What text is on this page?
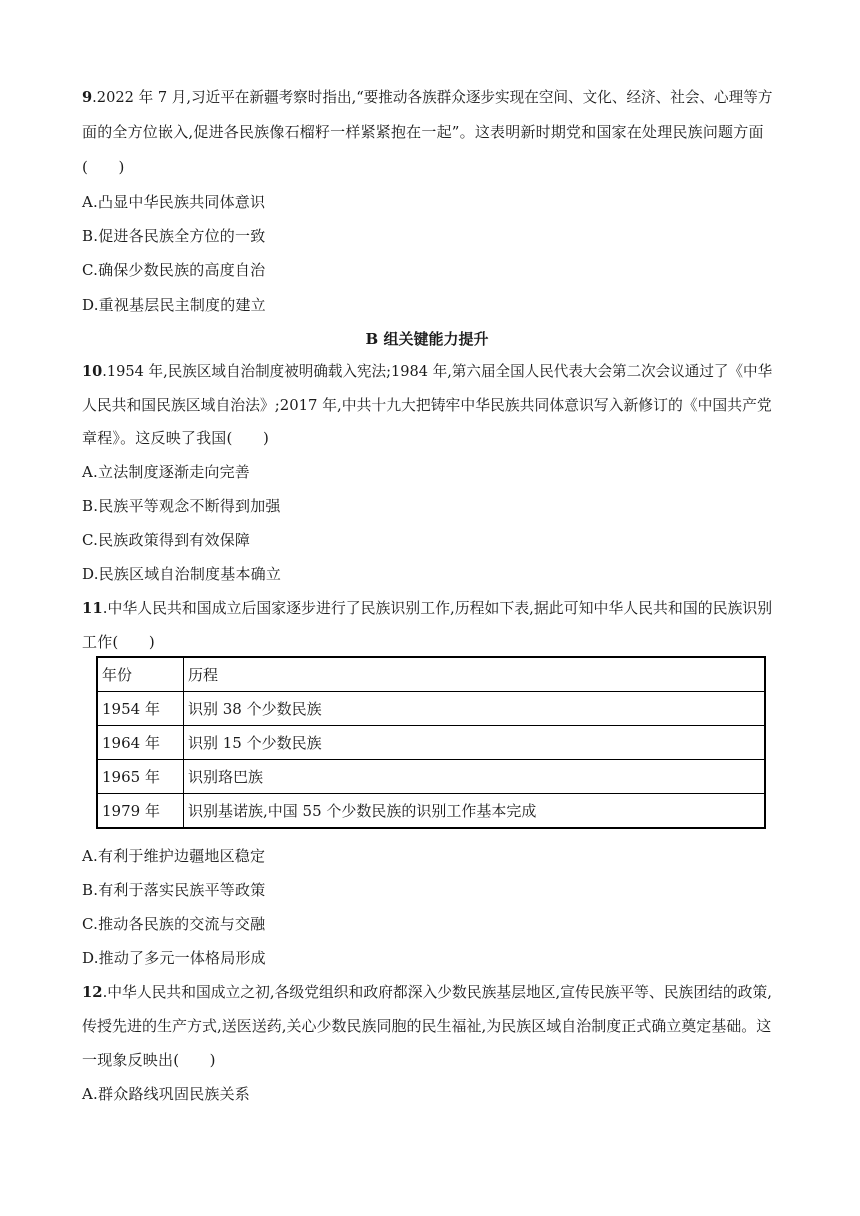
9.2022 年 7 月,习近平在新疆考察时指出,“要推动各族群众逐步实现在空间、文化、经济、社会、心理等方
面的全方位嵌入,促进各民族像石榴籽一样紧紧抱在一起”。这表明新时期党和国家在处理民族问题方面
(　　)
A.凸显中华民族共同体意识
B.促进各民族全方位的一致
C.确保少数民族的高度自治
D.重视基层民主制度的建立
B 组关键能力提升
10.1954 年,民族区域自治制度被明确载入宪法;1984 年,第六届全国人民代表大会第二次会议通过了《中华
人民共和国民族区域自治法》;2017 年,中共十九大把铸牢中华民族共同体意识写入新修订的《中国共产党
章程》。这反映了我国(　　)
A.立法制度逐渐走向完善
B.民族平等观念不断得到加强
C.民族政策得到有效保障
D.民族区域自治制度基本确立
11.中华人民共和国成立后国家逐步进行了民族识别工作,历程如下表,据此可知中华人民共和国的民族识别
工作(　　)
年份	历程
1954 年	识别 38 个少数民族
1964 年	识别 15 个少数民族
1965 年	识别珞巴族
1979 年	识别基诺族,中国 55 个少数民族的识别工作基本完成
A.有利于维护边疆地区稳定
B.有利于落实民族平等政策
C.推动各民族的交流与交融
D.推动了多元一体格局形成
12.中华人民共和国成立之初,各级党组织和政府都深入少数民族基层地区,宣传民族平等、民族团结的政策,
传授先进的生产方式,送医送药,关心少数民族同胞的民生福祉,为民族区域自治制度正式确立奠定基础。这
一现象反映出(　　)
A.群众路线巩固民族关系
